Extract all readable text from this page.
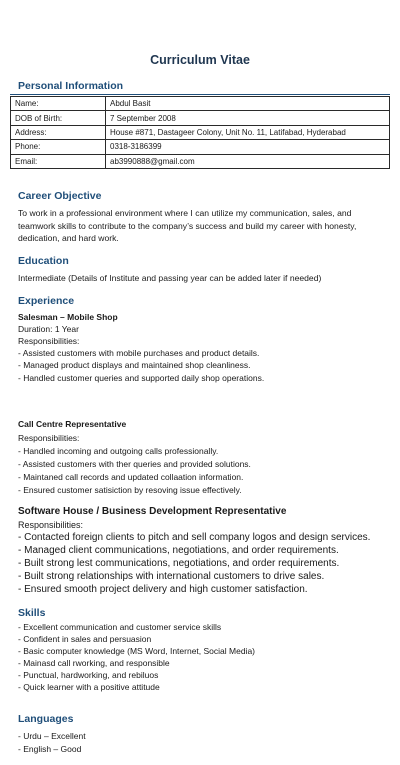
Curriculum Vitae
Personal Information
Name:	Abdul Basit
DOB of Birth:	7 September 2008
Address:	House #871, Dastageer Colony, Unit No. 11, Latifabad, Hyderabad
Phone:	0318-3186399
Email:	ab3990888@gmail.com
Career Objective
To work in a professional environment where I can utilize my communication, sales, and teamwork skills to contribute to the company’s success and build my career with honesty, dedication, and hard work.
Education
Intermediate (Details of Institute and passing year can be added later if needed)
Experience
Salesman – Mobile Shop
Duration: 1 Year
Responsibilities:
- Assisted customers with mobile purchases and product details.
- Managed product displays and maintained shop cleanliness.
- Handled customer queries and supported daily shop operations.
Call Centre Representative
Responsibilities:
- Handled incoming and outgoing calls professionally.
- Assisted customers with ther queries and provided solutions.
- Maintaned call records and updated collaation information.
- Ensured customer satisiction by resoving issue effectively.
Software House / Business Development Representative
Responsibilities:
- Contacted foreign clients to pitch and sell company logos and design services.
- Managed client communications, negotiations, and order requirements.
- Built strong lest communications, negotiations, and order requirements.
- Built strong relationships with international customers to drive sales.
- Ensured smooth project delivery and high customer satisfaction.
Skills
- Excellent communication and customer service skills
- Confident in sales and persuasion
- Basic computer knowledge (MS Word, Internet, Social Media)
- Mainasd call rworking, and responsible
- Punctual, hardworking, and rebiluos
- Quick learner with a positive attitude
Languages
- Urdu – Excellent
- English – Good
